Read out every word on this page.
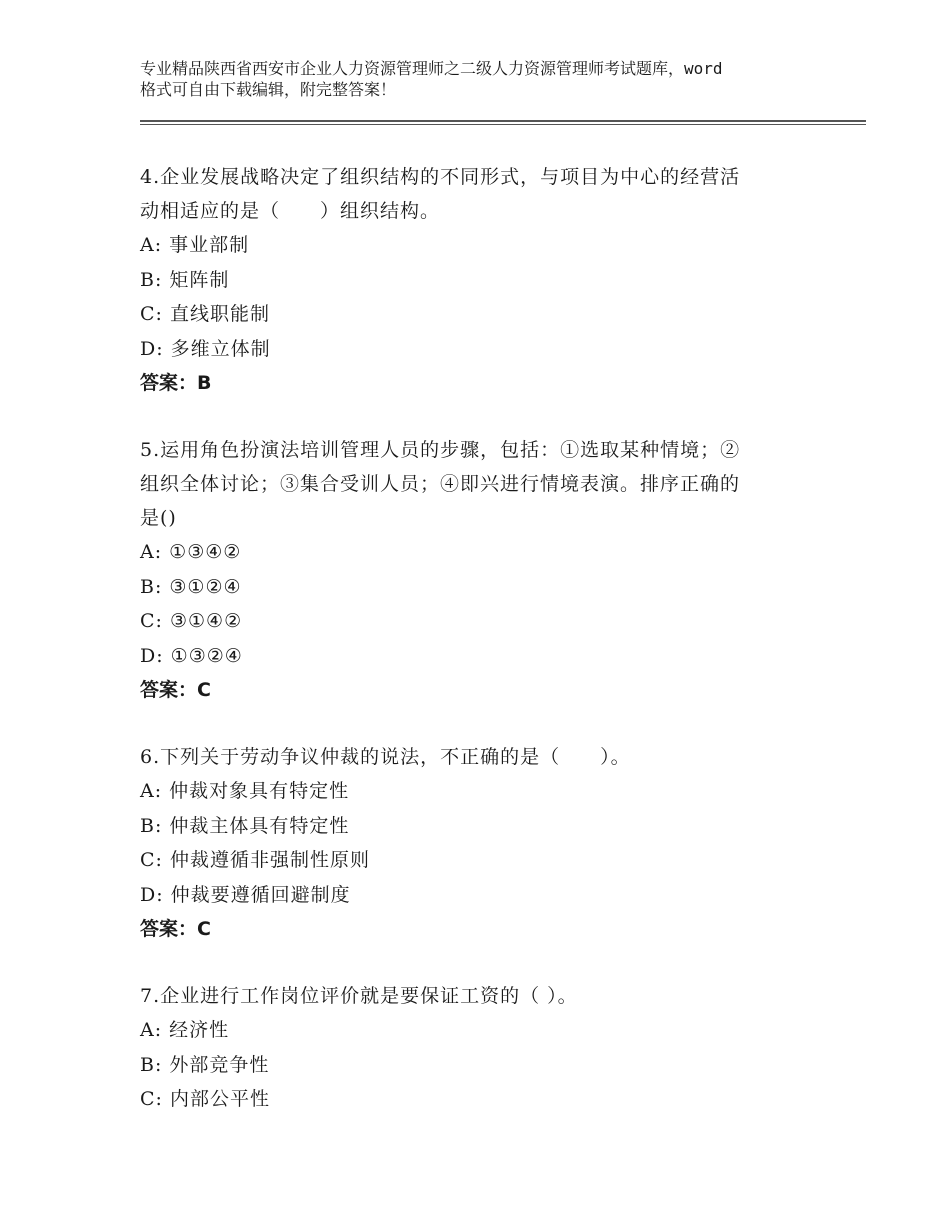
专业精品陕西省西安市企业人力资源管理师之二级人力资源管理师考试题库，word
格式可自由下载编辑，附完整答案！
4.企业发展战略决定了组织结构的不同形式，与项目为中心的经营活
动相适应的是（　　）组织结构。
A: 事业部制
B: 矩阵制
C: 直线职能制
D: 多维立体制
答案：B
5.运用角色扮演法培训管理人员的步骤，包括：①选取某种情境；②
组织全体讨论；③集合受训人员；④即兴进行情境表演。排序正确的
是()
A: ①③④②
B: ③①②④
C: ③①④②
D: ①③②④
答案：C
6.下列关于劳动争议仲裁的说法，不正确的是（　　）。
A: 仲裁对象具有特定性
B: 仲裁主体具有特定性
C: 仲裁遵循非强制性原则
D: 仲裁要遵循回避制度
答案：C
7.企业进行工作岗位评价就是要保证工资的（ ）。
A: 经济性
B: 外部竞争性
C: 内部公平性
